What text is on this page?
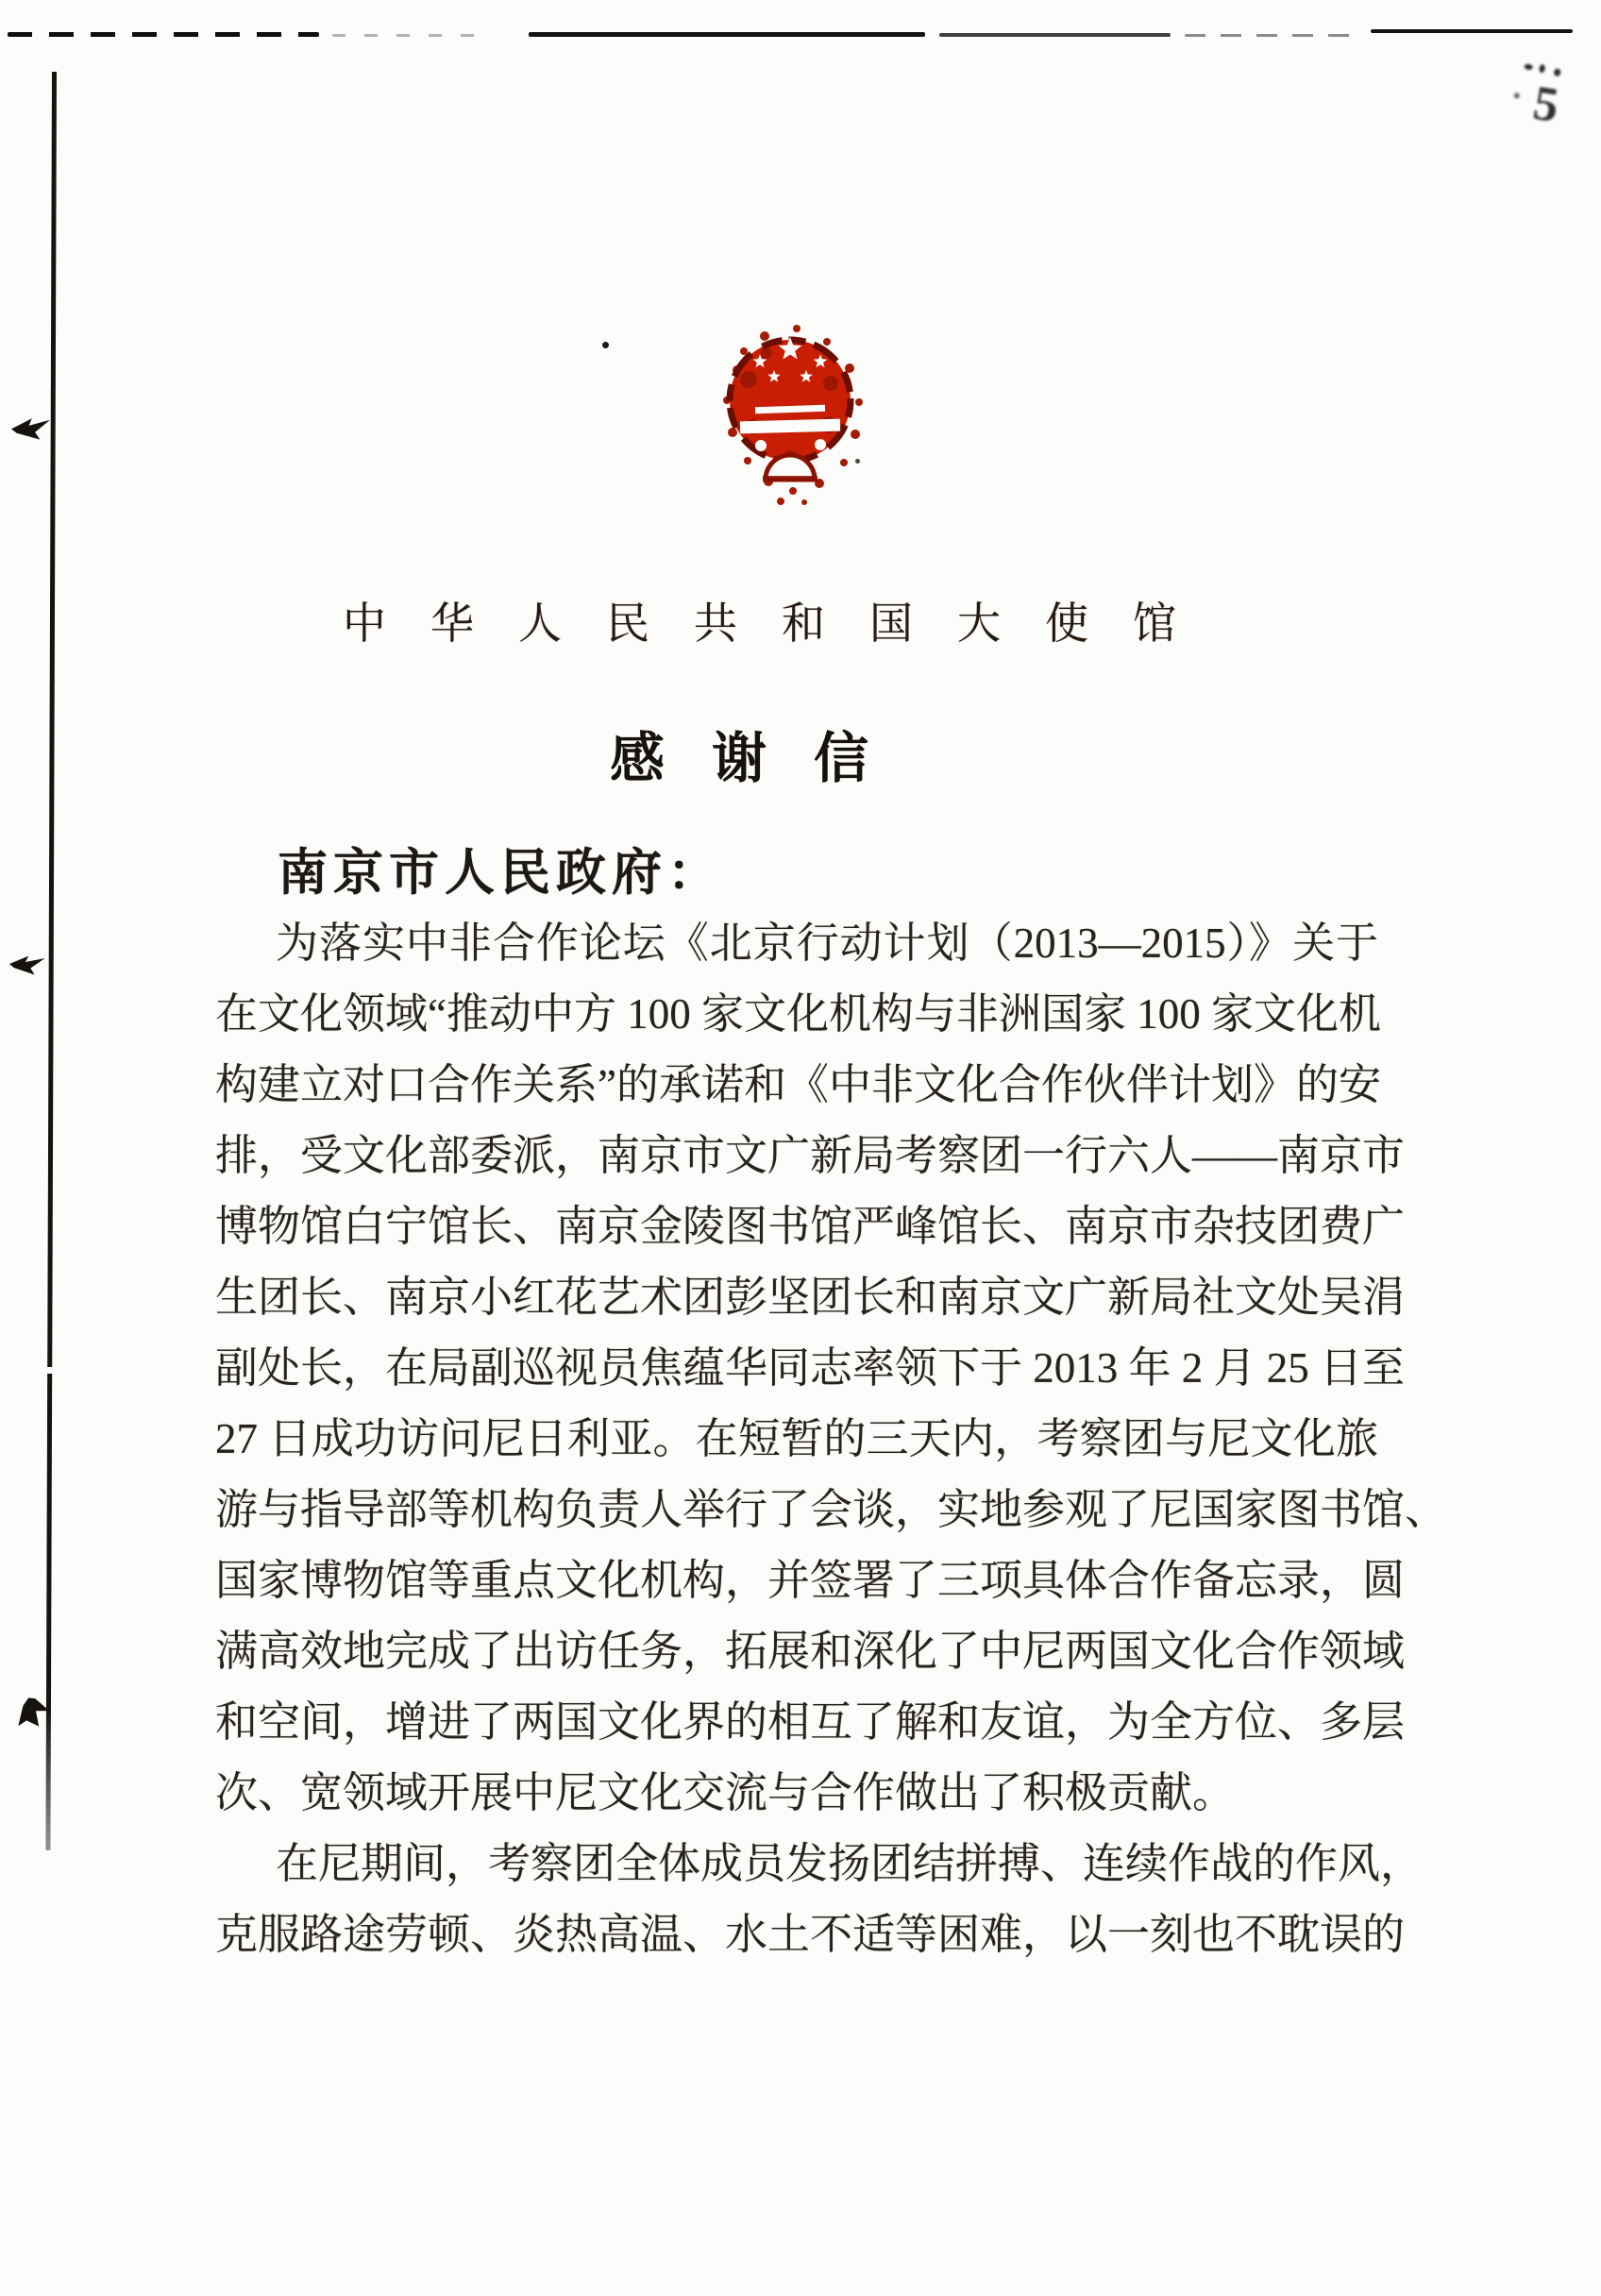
5
中华人民共和国大使馆
感谢信
南京市人民政府：
为落实中非合作论坛《北京行动计划（2013—2015）》关于
在文化领域“推动中方 100 家文化机构与非洲国家 100 家文化机
构建立对口合作关系”的承诺和《中非文化合作伙伴计划》的安
排，受文化部委派，南京市文广新局考察团一行六人——南京市
博物馆白宁馆长、南京金陵图书馆严峰馆长、南京市杂技团费广
生团长、南京小红花艺术团彭坚团长和南京文广新局社文处吴涓
副处长，在局副巡视员焦蕴华同志率领下于 2013 年 2 月 25 日至
27 日成功访问尼日利亚。在短暂的三天内，考察团与尼文化旅
游与指导部等机构负责人举行了会谈，实地参观了尼国家图书馆、
国家博物馆等重点文化机构，并签署了三项具体合作备忘录，圆
满高效地完成了出访任务，拓展和深化了中尼两国文化合作领域
和空间，增进了两国文化界的相互了解和友谊，为全方位、多层
次、宽领域开展中尼文化交流与合作做出了积极贡献。
在尼期间，考察团全体成员发扬团结拼搏、连续作战的作风，
克服路途劳顿、炎热高温、水土不适等困难，以一刻也不耽误的
